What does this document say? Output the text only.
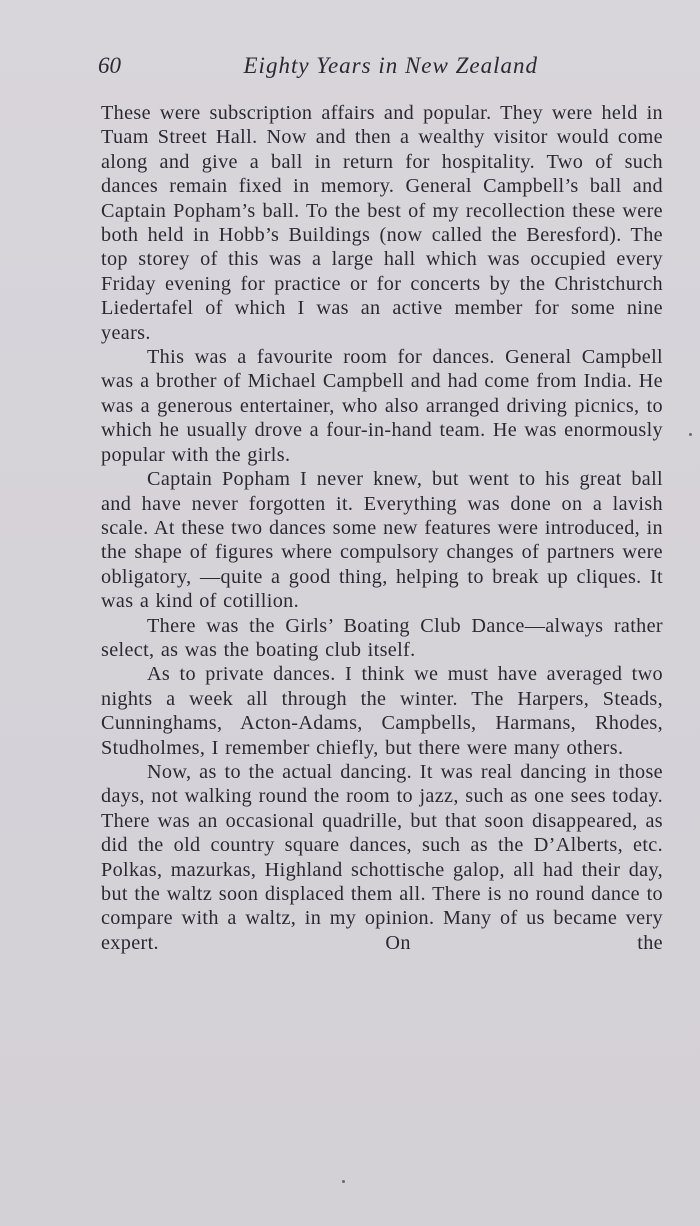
60	Eighty Years in New Zealand

These were subscription affairs and popular. They were held in Tuam Street Hall. Now and then a wealthy visitor would come along and give a ball in return for hospitality. Two of such dances remain fixed in memory. General Campbell’s ball and Captain Popham’s ball. To the best of my recollection these were both held in Hobb’s Buildings (now called the Beresford). The top storey of this was a large hall which was occupied every Friday evening for practice or for concerts by the Christchurch Liedertafel of which I was an active member for some nine years.

This was a favourite room for dances. General Campbell was a brother of Michael Campbell and had come from India. He was a generous entertainer, who also arranged driving picnics, to which he usually drove a four-in-hand team. He was enormously popular with the girls.

Captain Popham I never knew, but went to his great ball and have never forgotten it. Everything was done on a lavish scale. At these two dances some new features were introduced, in the shape of figures where compulsory changes of partners were obligatory, —quite a good thing, helping to break up cliques. It was a kind of cotillion.

There was the Girls’ Boating Club Dance—always rather select, as was the boating club itself.

As to private dances. I think we must have averaged two nights a week all through the winter. The Harpers, Steads, Cunninghams, Acton-Adams, Campbells, Harmans, Rhodes, Studholmes, I remember chiefly, but there were many others.

Now, as to the actual dancing. It was real dancing in those days, not walking round the room to jazz, such as one sees today. There was an occasional quadrille, but that soon disappeared, as did the old country square dances, such as the D’Alberts, etc. Polkas, mazurkas, Highland schottische galop, all had their day, but the waltz soon displaced them all. There is no round dance to compare with a waltz, in my opinion. Many of us became very expert. On the
